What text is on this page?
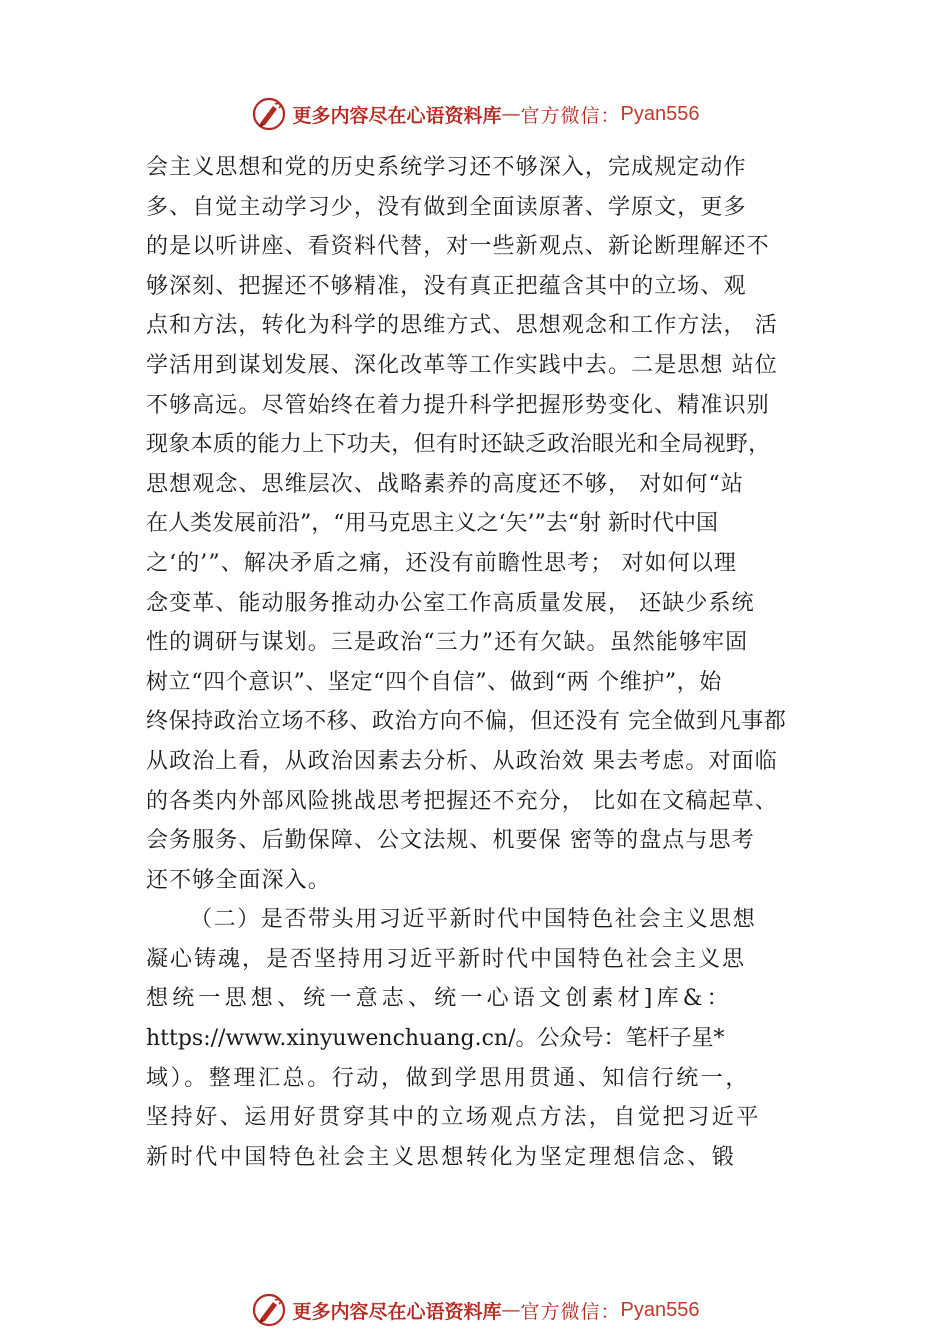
更多内容尽在心语资料库 — 官方微信： Pyan556
会主义思想和党的历史系统学习还不够深入，完成规定动作
多、自觉主动学习少，没有做到全面读原著、学原文，更多
的是以听讲座、看资料代替，对一些新观点、新论断理解还不
够深刻、把握还不够精准，没有真正把蕴含其中的立场、观
点和方法，转化为科学的思维方式、思想观念和工作方法， 活
学活用到谋划发展、深化改革等工作实践中去。二是思想 站位
不够高远。尽管始终在着力提升科学把握形势变化、精准识别
现象本质的能力上下功夫，但有时还缺乏政治眼光和全局视野，
思想观念、思维层次、战略素养的高度还不够， 对如何“站
在人类发展前沿”，“用马克思主义之‘矢’”去“射 新时代中国
之‘的’”、解决矛盾之痛，还没有前瞻性思考； 对如何以理
念变革、能动服务推动办公室工作高质量发展， 还缺少系统
性的调研与谋划。三是政治“三力”还有欠缺。虽然能够牢固
树立“四个意识”、坚定“四个自信”、做到“两 个维护”，始
终保持政治立场不移、政治方向不偏，但还没有 完全做到凡事都
从政治上看，从政治因素去分析、从政治效 果去考虑。对面临
的各类内外部风险挑战思考把握还不充分， 比如在文稿起草、
会务服务、后勤保障、公文法规、机要保 密等的盘点与思考
还不够全面深入。
（二）是否带头用习近平新时代中国特色社会主义思想
凝心铸魂，是否坚持用习近平新时代中国特色社会主义思
想统一思想、统一意志、统一心语文创素材]库&：
https://www.xinyuwenchuang.cn/。公众号：笔杆子星*
域）。整理汇总。行动，做到学思用贯通、知信行统一，
坚持好、运用好贯穿其中的立场观点方法，自觉把习近平
新时代中国特色社会主义思想转化为坚定理想信念、锻
更多内容尽在心语资料库 — 官方微信： Pyan556
